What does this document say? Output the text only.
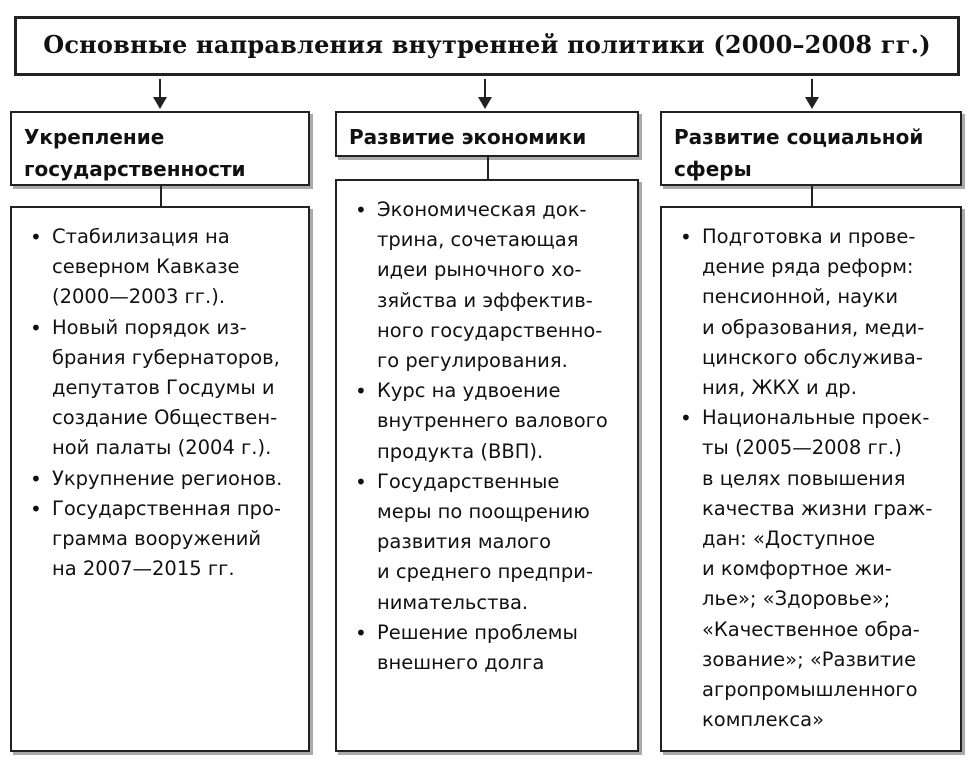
Основные направления внутренней политики (2000–2008 гг.)
Укрепление
государственности
• Стабилизация на
северном Кавказе
(2000—2003 гг.).
• Новый порядок из-
брания губернаторов,
депутатов Госдумы и
создание Обществен-
ной палаты (2004 г.).
• Укрупнение регионов.
• Государственная про-
грамма вооружений
на 2007—2015 гг.
Развитие экономики
• Экономическая док-
трина, сочетающая
идеи рыночного хо-
зяйства и эффектив-
ного государственно-
го регулирования.
• Курс на удвоение
внутреннего валового
продукта (ВВП).
• Государственные
меры по поощрению
развития малого
и среднего предпри-
нимательства.
• Решение проблемы
внешнего долга
Развитие социальной
сферы
• Подготовка и прове-
дение ряда реформ:
пенсионной, науки
и образования, меди-
цинского обслужива-
ния, ЖКХ и др.
• Национальные проек-
ты (2005—2008 гг.)
в целях повышения
качества жизни граж-
дан: «Доступное
и комфортное жи-
лье»; «Здоровье»;
«Качественное обра-
зование»; «Развитие
агропромышленного
комплекса»
